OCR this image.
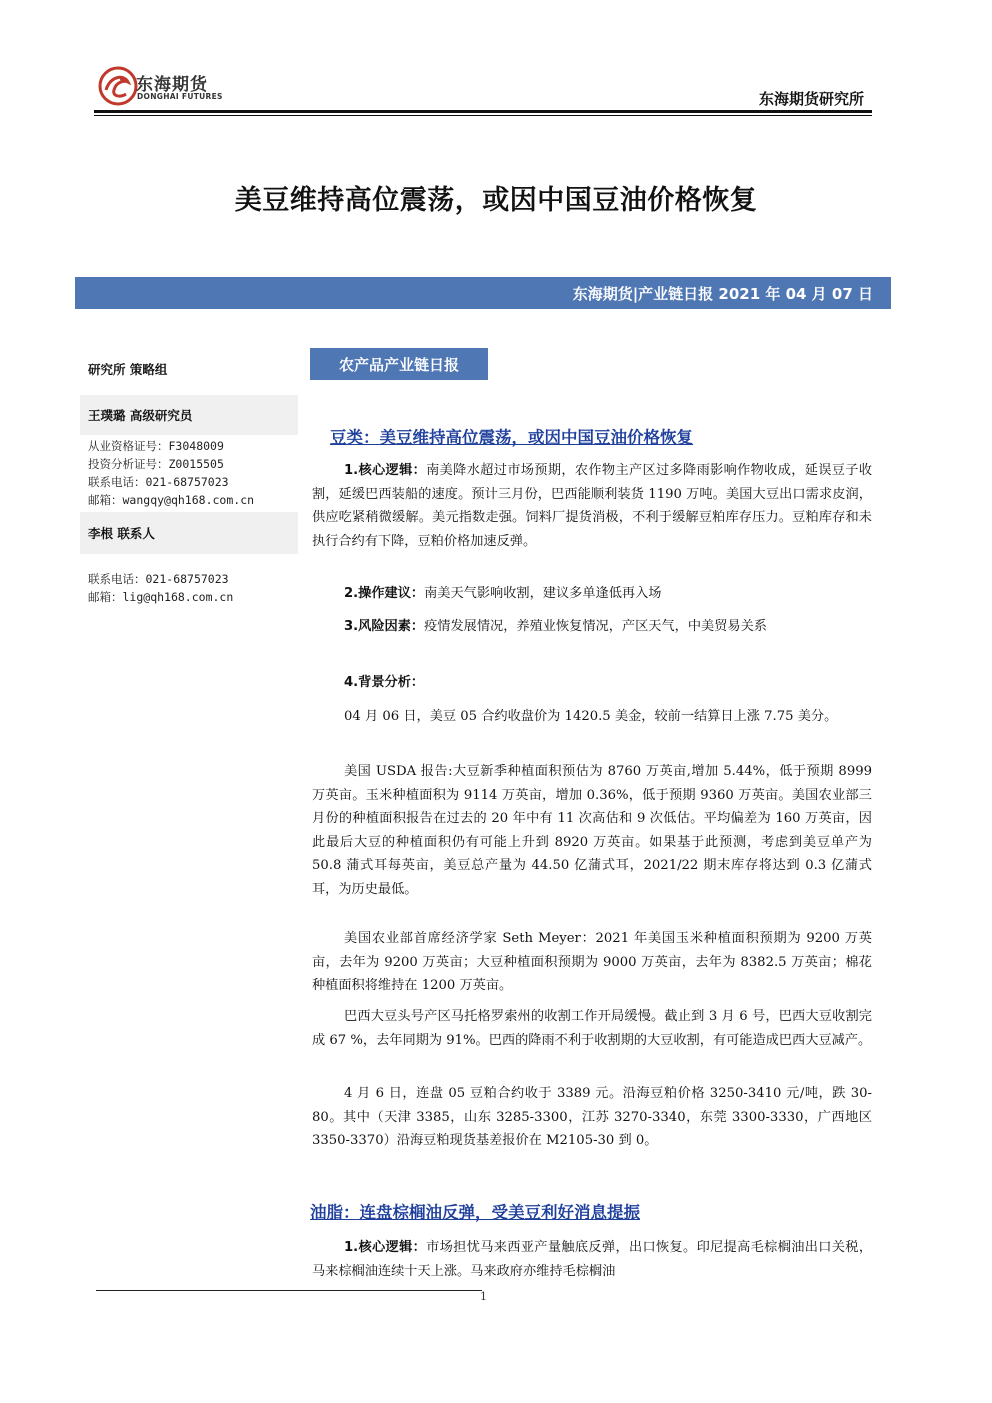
东海期货
DONGHAI FUTURES	东海期货研究所
美豆维持高位震荡，或因中国豆油价格恢复
东海期货|产业链日报 2021 年 04 月 07 日
研究所 策略组
王璞璐 高级研究员
从业资格证号：F3048009
投资分析证号：Z0015505
联系电话：021-68757023
邮箱：wangqy@qh168.com.cn
李根 联系人
联系电话：021-68757023
邮箱：lig@qh168.com.cn
农产品产业链日报
豆类：美豆维持高位震荡，或因中国豆油价格恢复
1.核心逻辑：南美降水超过市场预期，农作物主产区过多降雨影响作物收成，延误豆子收割，延缓巴西装船的速度。预计三月份，巴西能顺利装货 1190 万吨。美国大豆出口需求皮润，供应吃紧稍微缓解。美元指数走强。饲料厂提货消极，不利于缓解豆粕库存压力。豆粕库存和未执行合约有下降，豆粕价格加速反弹。
2.操作建议：南美天气影响收割，建议多单逢低再入场
3.风险因素：疫情发展情况，养殖业恢复情况，产区天气，中美贸易关系
4.背景分析：
04 月 06 日，美豆 05 合约收盘价为 1420.5 美金，较前一结算日上涨 7.75 美分。
美国 USDA 报告:大豆新季种植面积预估为 8760 万英亩,增加 5.44%，低于预期 8999 万英亩。玉米种植面积为 9114 万英亩，增加 0.36%，低于预期 9360 万英亩。美国农业部三月份的种植面积报告在过去的 20 年中有 11 次高估和 9 次低估。平均偏差为 160 万英亩，因此最后大豆的种植面积仍有可能上升到 8920 万英亩。如果基于此预测，考虑到美豆单产为 50.8 蒲式耳每英亩，美豆总产量为 44.50 亿蒲式耳，2021/22 期末库存将达到 0.3 亿蒲式耳，为历史最低。
美国农业部首席经济学家 Seth Meyer：2021 年美国玉米种植面积预期为 9200 万英亩，去年为 9200 万英亩；大豆种植面积预期为 9000 万英亩，去年为 8382.5 万英亩；棉花种植面积将维持在 1200 万英亩。
巴西大豆头号产区马托格罗索州的收割工作开局缓慢。截止到 3 月 6 号，巴西大豆收割完成 67 %，去年同期为 91%。巴西的降雨不利于收割期的大豆收割，有可能造成巴西大豆减产。
4 月 6 日，连盘 05 豆粕合约收于 3389 元。沿海豆粕价格 3250-3410 元/吨，跌 30-80。其中（天津 3385，山东 3285-3300，江苏 3270-3340，东莞 3300-3330，广西地区 3350-3370）沿海豆粕现货基差报价在 M2105-30 到 0。
油脂：连盘棕榈油反弹，受美豆利好消息提振
1.核心逻辑：市场担忧马来西亚产量触底反弹，出口恢复。印尼提高毛棕榈油出口关税，马来棕榈油连续十天上涨。马来政府亦维持毛棕榈油
1
